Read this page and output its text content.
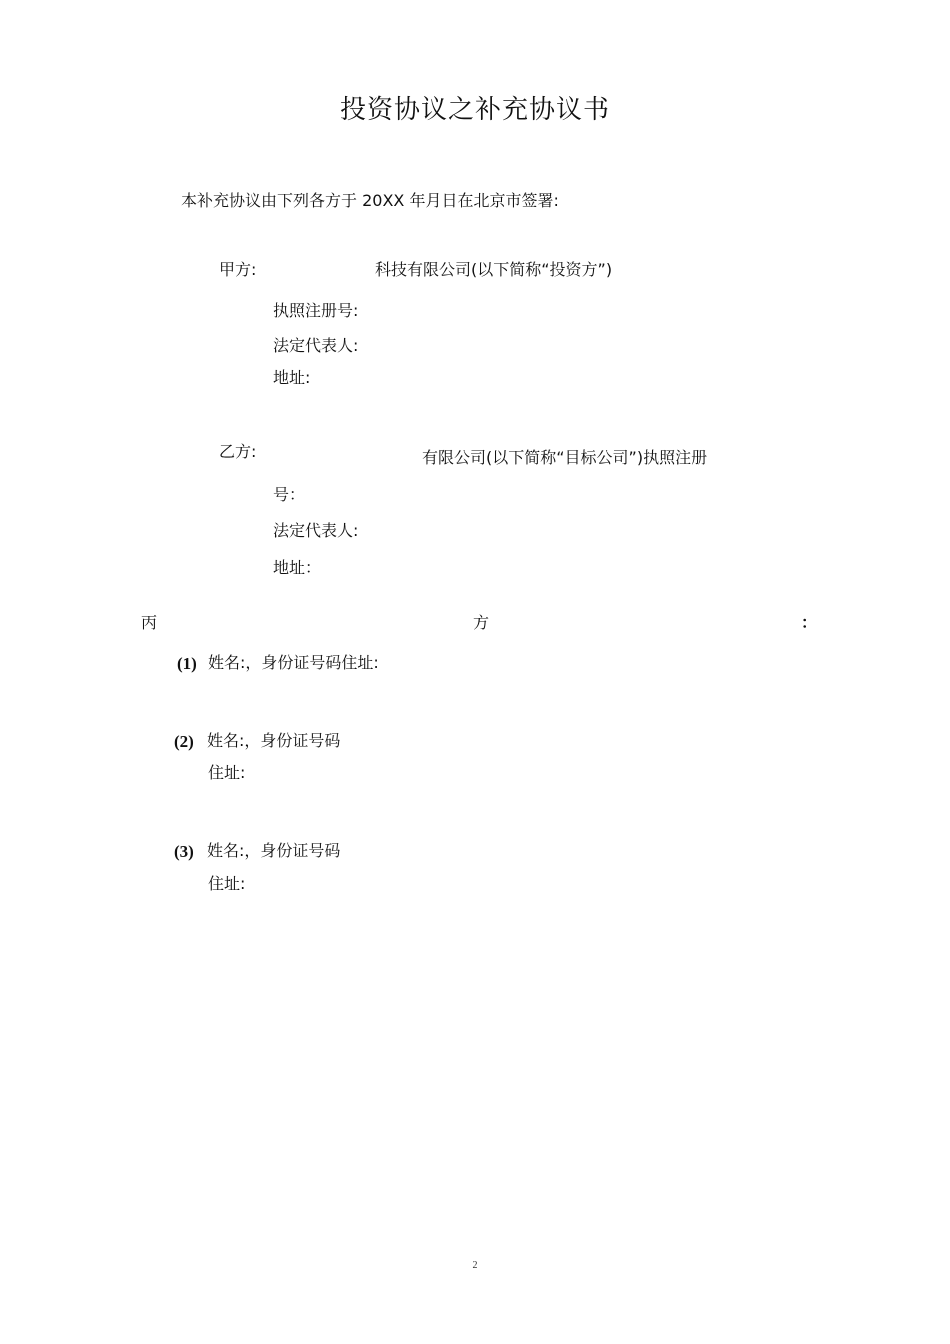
投资协议之补充协议书
本补充协议由下列各方于 20XX 年月日在北京市签署:
甲方:	科技有限公司(以下简称“投资方”)
执照注册号:
法定代表人:
地址:
乙方:	有限公司(以下简称“目标公司”)执照注册
号：
法定代表人:
地址：
丙	方	：
(1) 姓名:，身份证号码住址:
(2) 姓名:，身份证号码
住址:
(3) 姓名:，身份证号码
住址:
2
